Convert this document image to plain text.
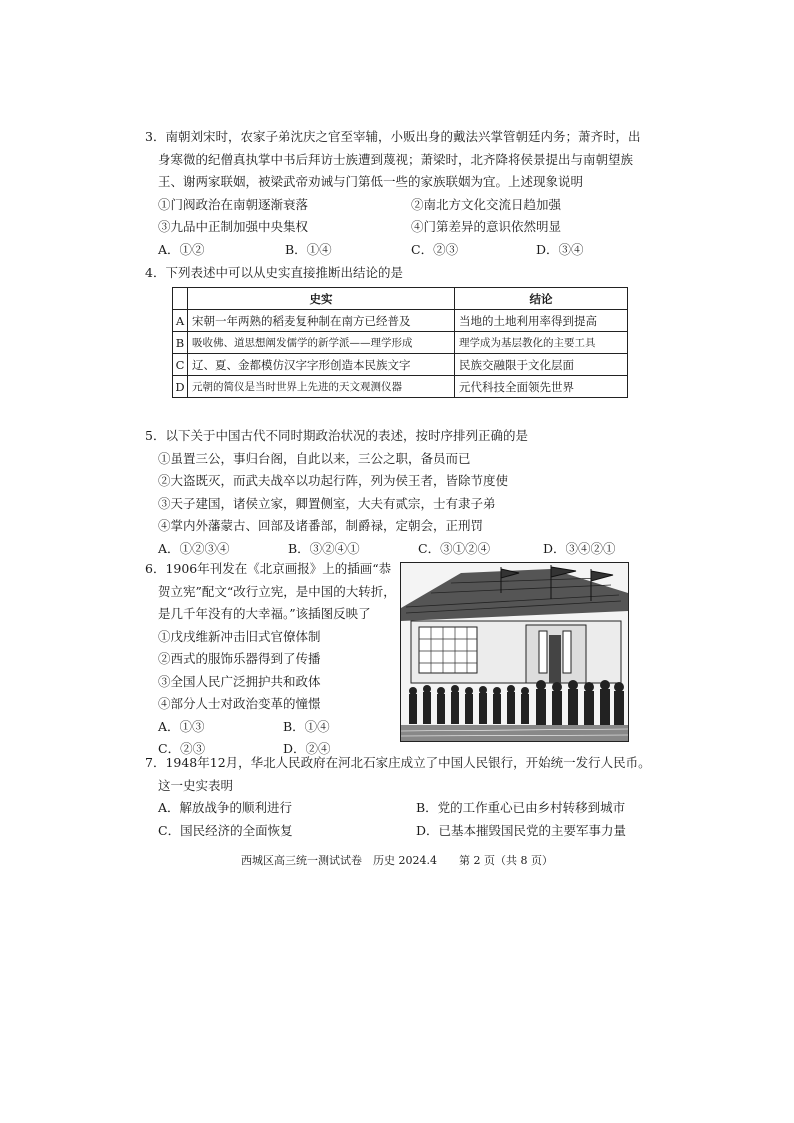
3．南朝刘宋时，农家子弟沈庆之官至宰辅，小贩出身的戴法兴掌管朝廷内务；萧齐时，出
身寒微的纪僧真执掌中书后拜访士族遭到蔑视；萧梁时，北齐降将侯景提出与南朝望族
王、谢两家联姻，被梁武帝劝诫与门第低一些的家族联姻为宜。上述现象说明
①门阀政治在南朝逐渐衰落	②南北方文化交流日趋加强
③九品中正制加强中央集权	④门第差异的意识依然明显
A．①②	B．①④	C．②③	D．③④
4．下列表述中可以从史实直接推断出结论的是
	史实	结论
A	宋朝一年两熟的稻麦复种制在南方已经普及	当地的土地利用率得到提高
B	吸收佛、道思想阐发儒学的新学派——理学形成	理学成为基层教化的主要工具
C	辽、夏、金都模仿汉字字形创造本民族文字	民族交融限于文化层面
D	元朝的简仪是当时世界上先进的天文观测仪器	元代科技全面领先世界
5．以下关于中国古代不同时期政治状况的表述，按时序排列正确的是
①虽置三公，事归台阁，自此以来，三公之职，备员而已
②大盗既灭，而武夫战卒以功起行阵，列为侯王者，皆除节度使
③天子建国，诸侯立家，卿置侧室，大夫有贰宗，士有隶子弟
④掌内外藩蒙古、回部及诸番部，制爵禄，定朝会，正刑罚
A．①②③④	B．③②④①	C．③①②④	D．③④②①
6．1906年刊发在《北京画报》上的插画“恭
贺立宪”配文“改行立宪，是中国的大转折，
是几千年没有的大幸福。”该插图反映了
①戊戌维新冲击旧式官僚体制
②西式的服饰乐器得到了传播
③全国人民广泛拥护共和政体
④部分人士对政治变革的憧憬
A．①③	B．①④
C．②③	D．②④
7．1948年12月，华北人民政府在河北石家庄成立了中国人民银行，开始统一发行人民币。
这一史实表明
A．解放战争的顺利进行	B．党的工作重心已由乡村转移到城市
C．国民经济的全面恢复	D．已基本摧毁国民党的主要军事力量
西城区高三统一测试试卷　历史 2024.4　　第 2 页（共 8 页）
